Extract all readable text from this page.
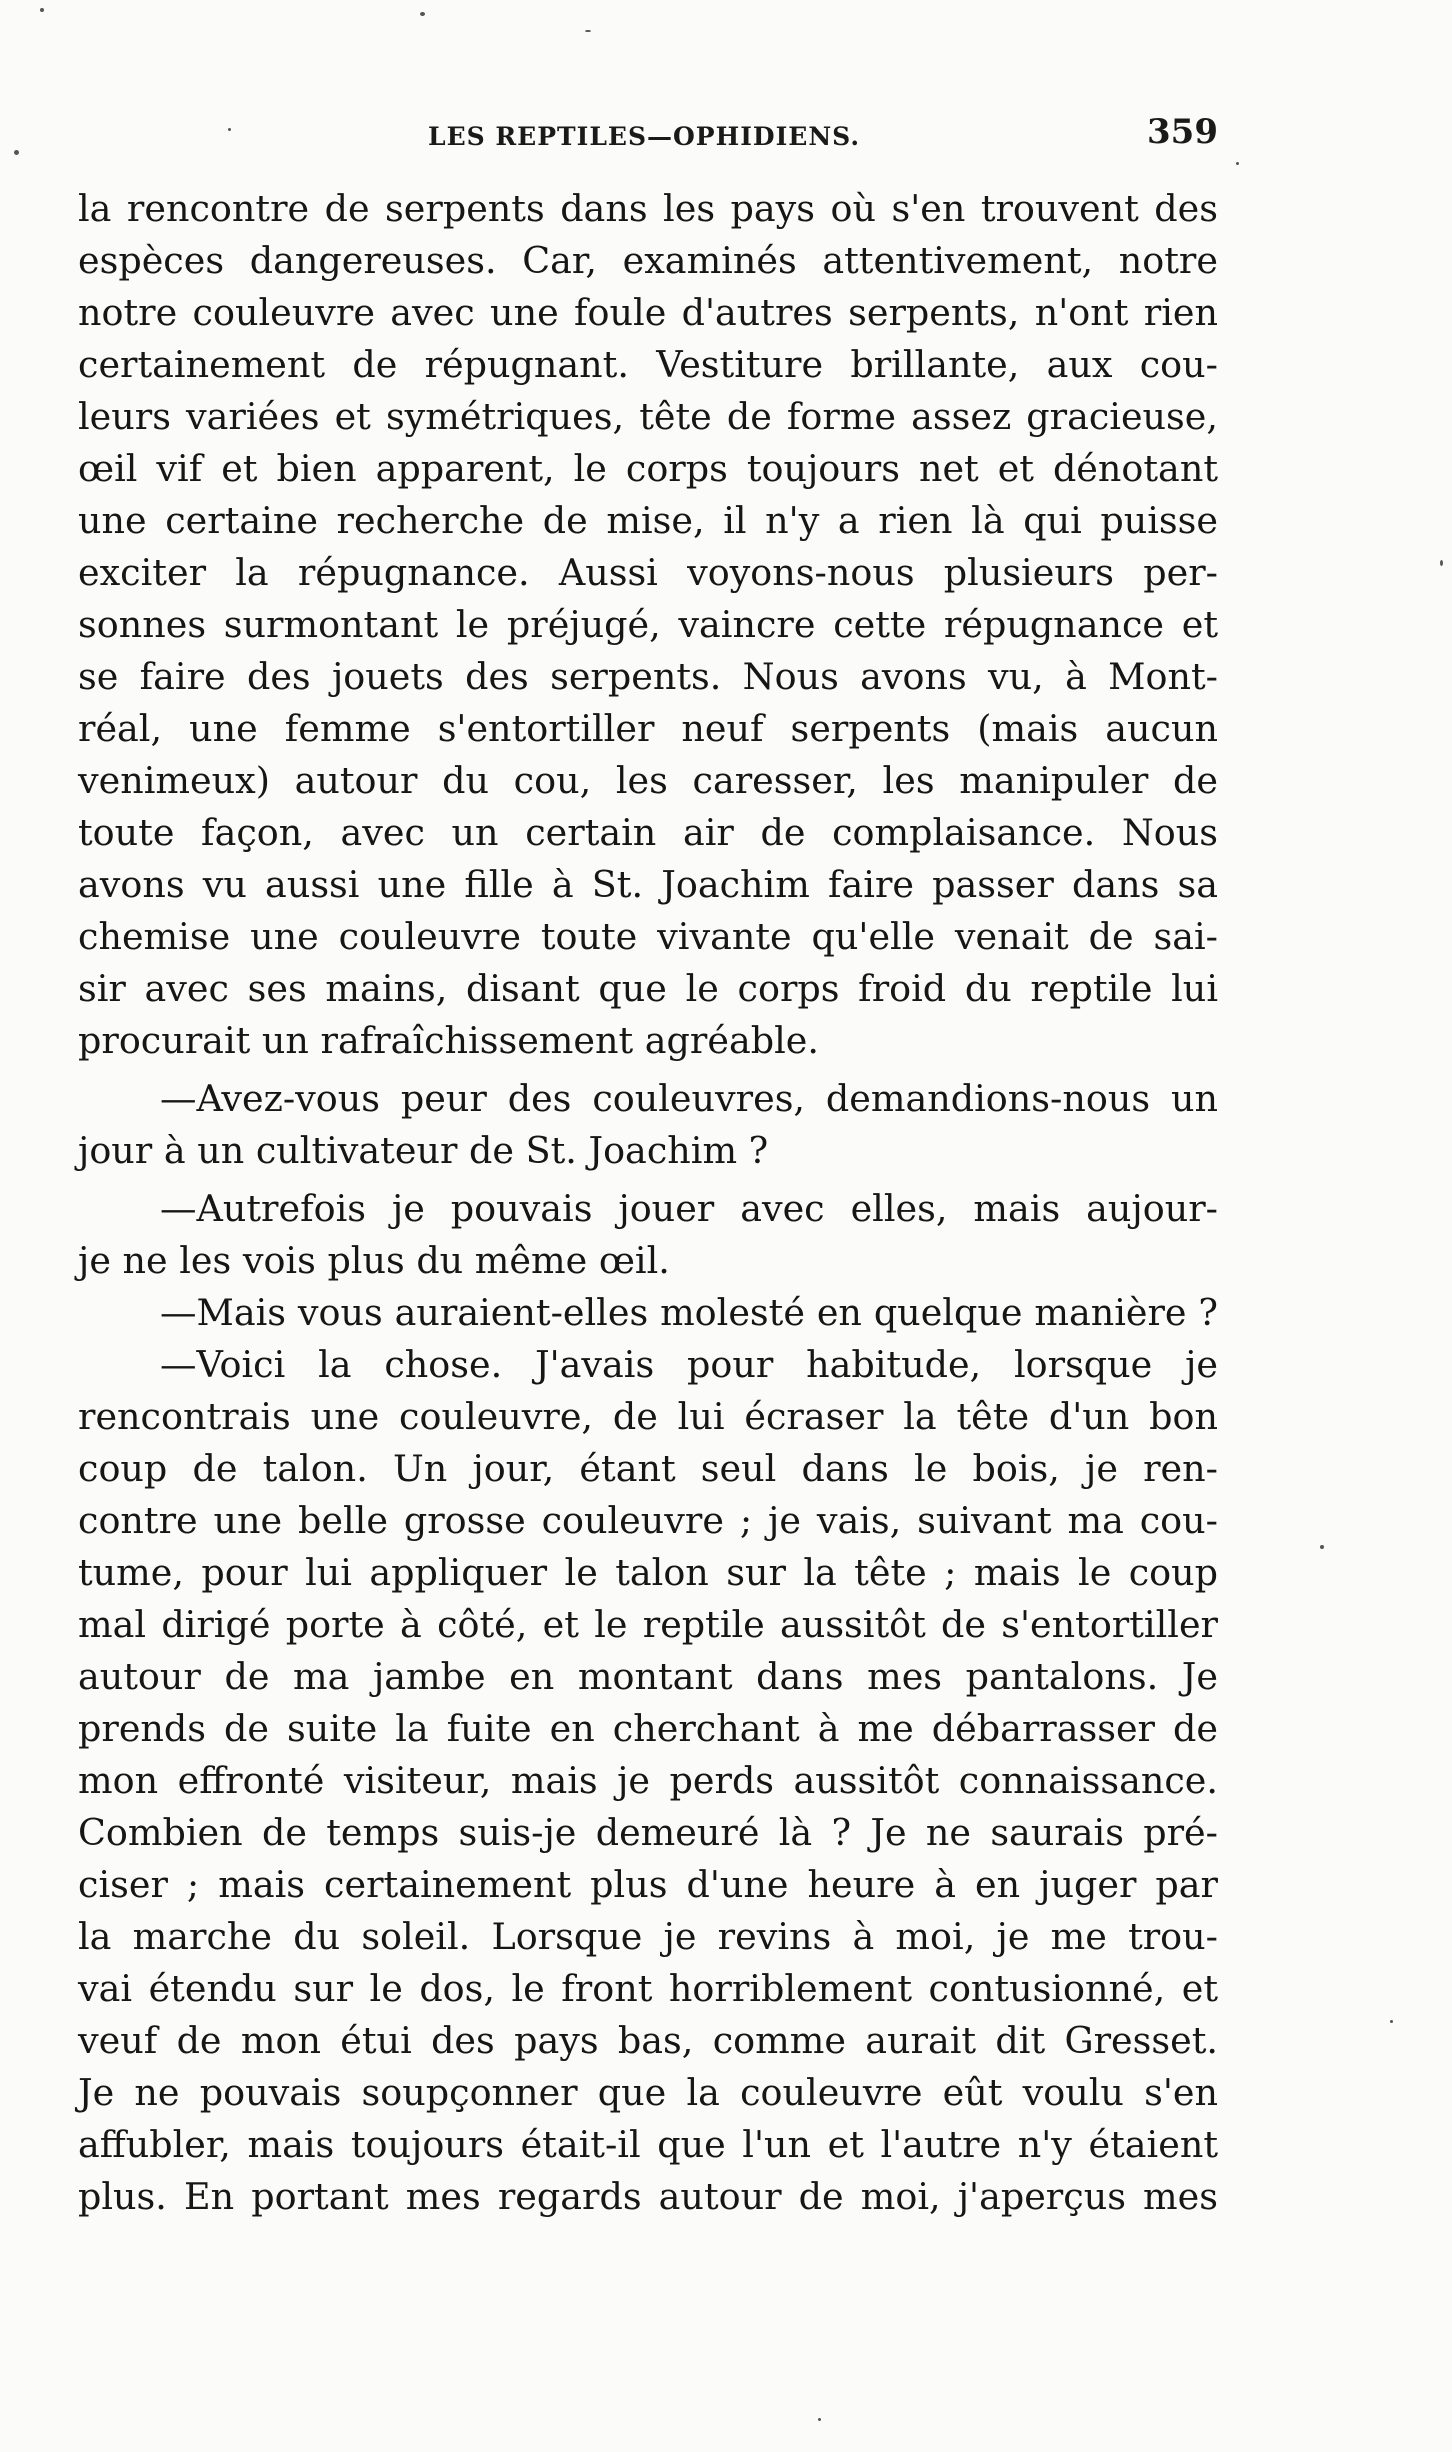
LES REPTILES—OPHIDIENS.	359
la rencontre de serpents dans les pays où s'en trouvent des
espèces dangereuses. Car, examinés attentivement, notre
notre couleuvre avec une foule d'autres serpents, n'ont rien
certainement de répugnant. Vestiture brillante, aux cou-
leurs variées et symétriques, tête de forme assez gracieuse,
œil vif et bien apparent, le corps toujours net et dénotant
une certaine recherche de mise, il n'y a rien là qui puisse
exciter la répugnance. Aussi voyons-nous plusieurs per-
sonnes surmontant le préjugé, vaincre cette répugnance et
se faire des jouets des serpents. Nous avons vu, à Mont-
réal, une femme s'entortiller neuf serpents (mais aucun
venimeux) autour du cou, les caresser, les manipuler de
toute façon, avec un certain air de complaisance. Nous
avons vu aussi une fille à St. Joachim faire passer dans sa
chemise une couleuvre toute vivante qu'elle venait de sai-
sir avec ses mains, disant que le corps froid du reptile lui
procurait un rafraîchissement agréable.
—Avez-vous peur des couleuvres, demandions-nous un
jour à un cultivateur de St. Joachim ?
—Autrefois je pouvais jouer avec elles, mais aujour-
je ne les vois plus du même œil.
—Mais vous auraient-elles molesté en quelque manière ?
—Voici la chose. J'avais pour habitude, lorsque je
rencontrais une couleuvre, de lui écraser la tête d'un bon
coup de talon. Un jour, étant seul dans le bois, je ren-
contre une belle grosse couleuvre ; je vais, suivant ma cou-
tume, pour lui appliquer le talon sur la tête ; mais le coup
mal dirigé porte à côté, et le reptile aussitôt de s'entortiller
autour de ma jambe en montant dans mes pantalons. Je
prends de suite la fuite en cherchant à me débarrasser de
mon effronté visiteur, mais je perds aussitôt connaissance.
Combien de temps suis-je demeuré là ? Je ne saurais pré-
ciser ; mais certainement plus d'une heure à en juger par
la marche du soleil. Lorsque je revins à moi, je me trou-
vai étendu sur le dos, le front horriblement contusionné, et
veuf de mon étui des pays bas, comme aurait dit Gresset.
Je ne pouvais soupçonner que la couleuvre eût voulu s'en
affubler, mais toujours était-il que l'un et l'autre n'y étaient
plus. En portant mes regards autour de moi, j'aperçus mes
